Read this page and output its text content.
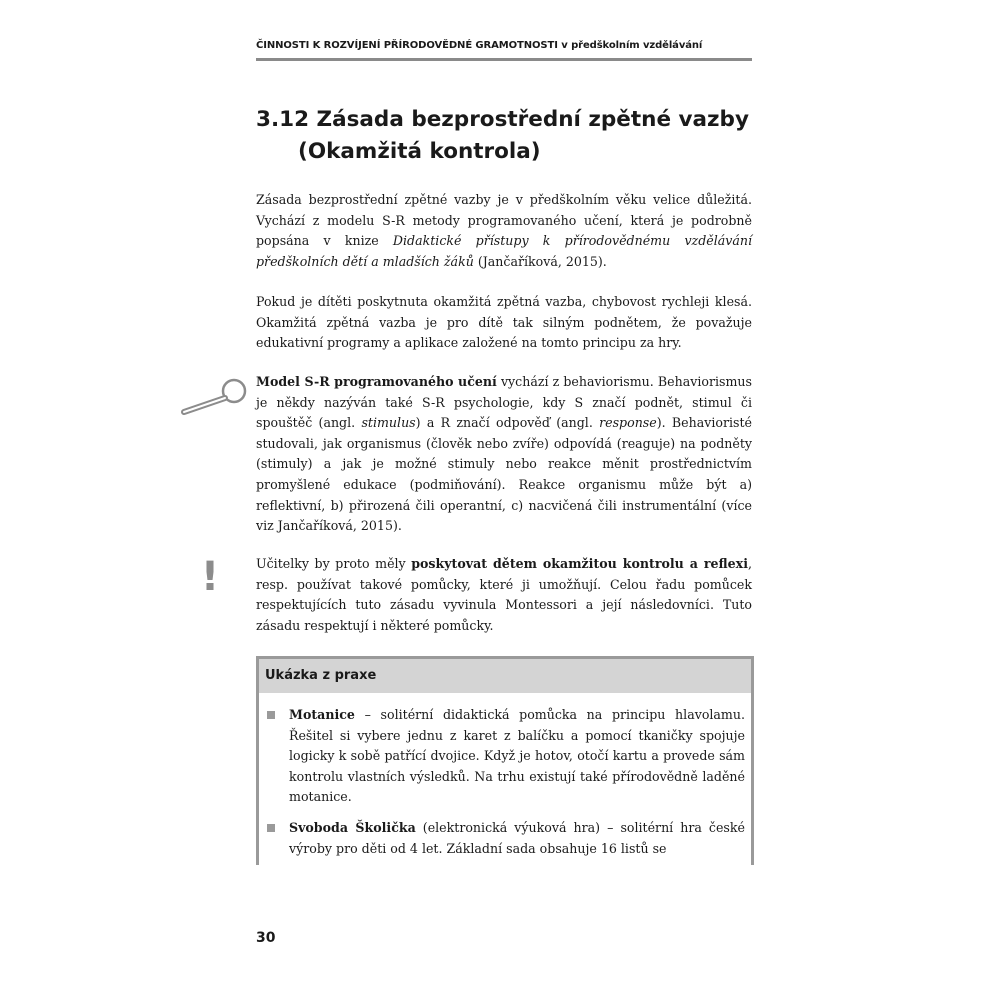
ČINNOSTI K ROZVÍJENÍ PŘÍRODOVĚDNÉ GRAMOTNOSTI v předškolním vzdělávání
3.12 Zásada bezprostřední zpětné vazby
(Okamžitá kontrola)

Zásada bezprostřední zpětné vazby je v předškolním věku velice důležitá. Vychází z modelu S-R metody programovaného učení, která je podrobně popsána v knize Didaktické přístupy k přírodovědnému vzdělávání předškolních dětí a mladších žáků (Jančaříková, 2015).

Pokud je dítěti poskytnuta okamžitá zpětná vazba, chybovost rychleji klesá. Okamžitá zpětná vazba je pro dítě tak silným podnětem, že považuje edukativní programy a aplikace založené na tomto principu za hry.

Model S-R programovaného učení vychází z behaviorismu. Behaviorismus je někdy nazýván také S-R psychologie, kdy S značí podnět, stimul či spouštěč (angl. stimulus) a R značí odpověď (angl. response). Behavioristé studovali, jak organismus (člověk nebo zvíře) odpovídá (reaguje) na podněty (stimuly) a jak je možné stimuly nebo reakce měnit prostřednictvím promyšlené edukace (podmiňování). Reakce organismu může být a) reflektivní, b) přirozená čili operantní, c) nacvičená čili instrumentální (více viz Jančaříková, 2015).

!	Učitelky by proto měly poskytovat dětem okamžitou kontrolu a reflexi, resp. používat takové pomůcky, které ji umožňují. Celou řadu pomůcek respektujících tuto zásadu vyvinula Montessori a její následovníci. Tuto zásadu respektují i některé pomůcky.

Ukázka z praxe
Motanice – solitérní didaktická pomůcka na principu hlavolamu. Řešitel si vybere jednu z karet z balíčku a pomocí tkaničky spojuje logicky k sobě patřící dvojice. Když je hotov, otočí kartu a provede sám kontrolu vlastních výsledků. Na trhu existují také přírodovědně laděné motanice.
Svoboda Školička (elektronická výuková hra) – solitérní hra české výroby pro děti od 4 let. Základní sada obsahuje 16 listů se
30
